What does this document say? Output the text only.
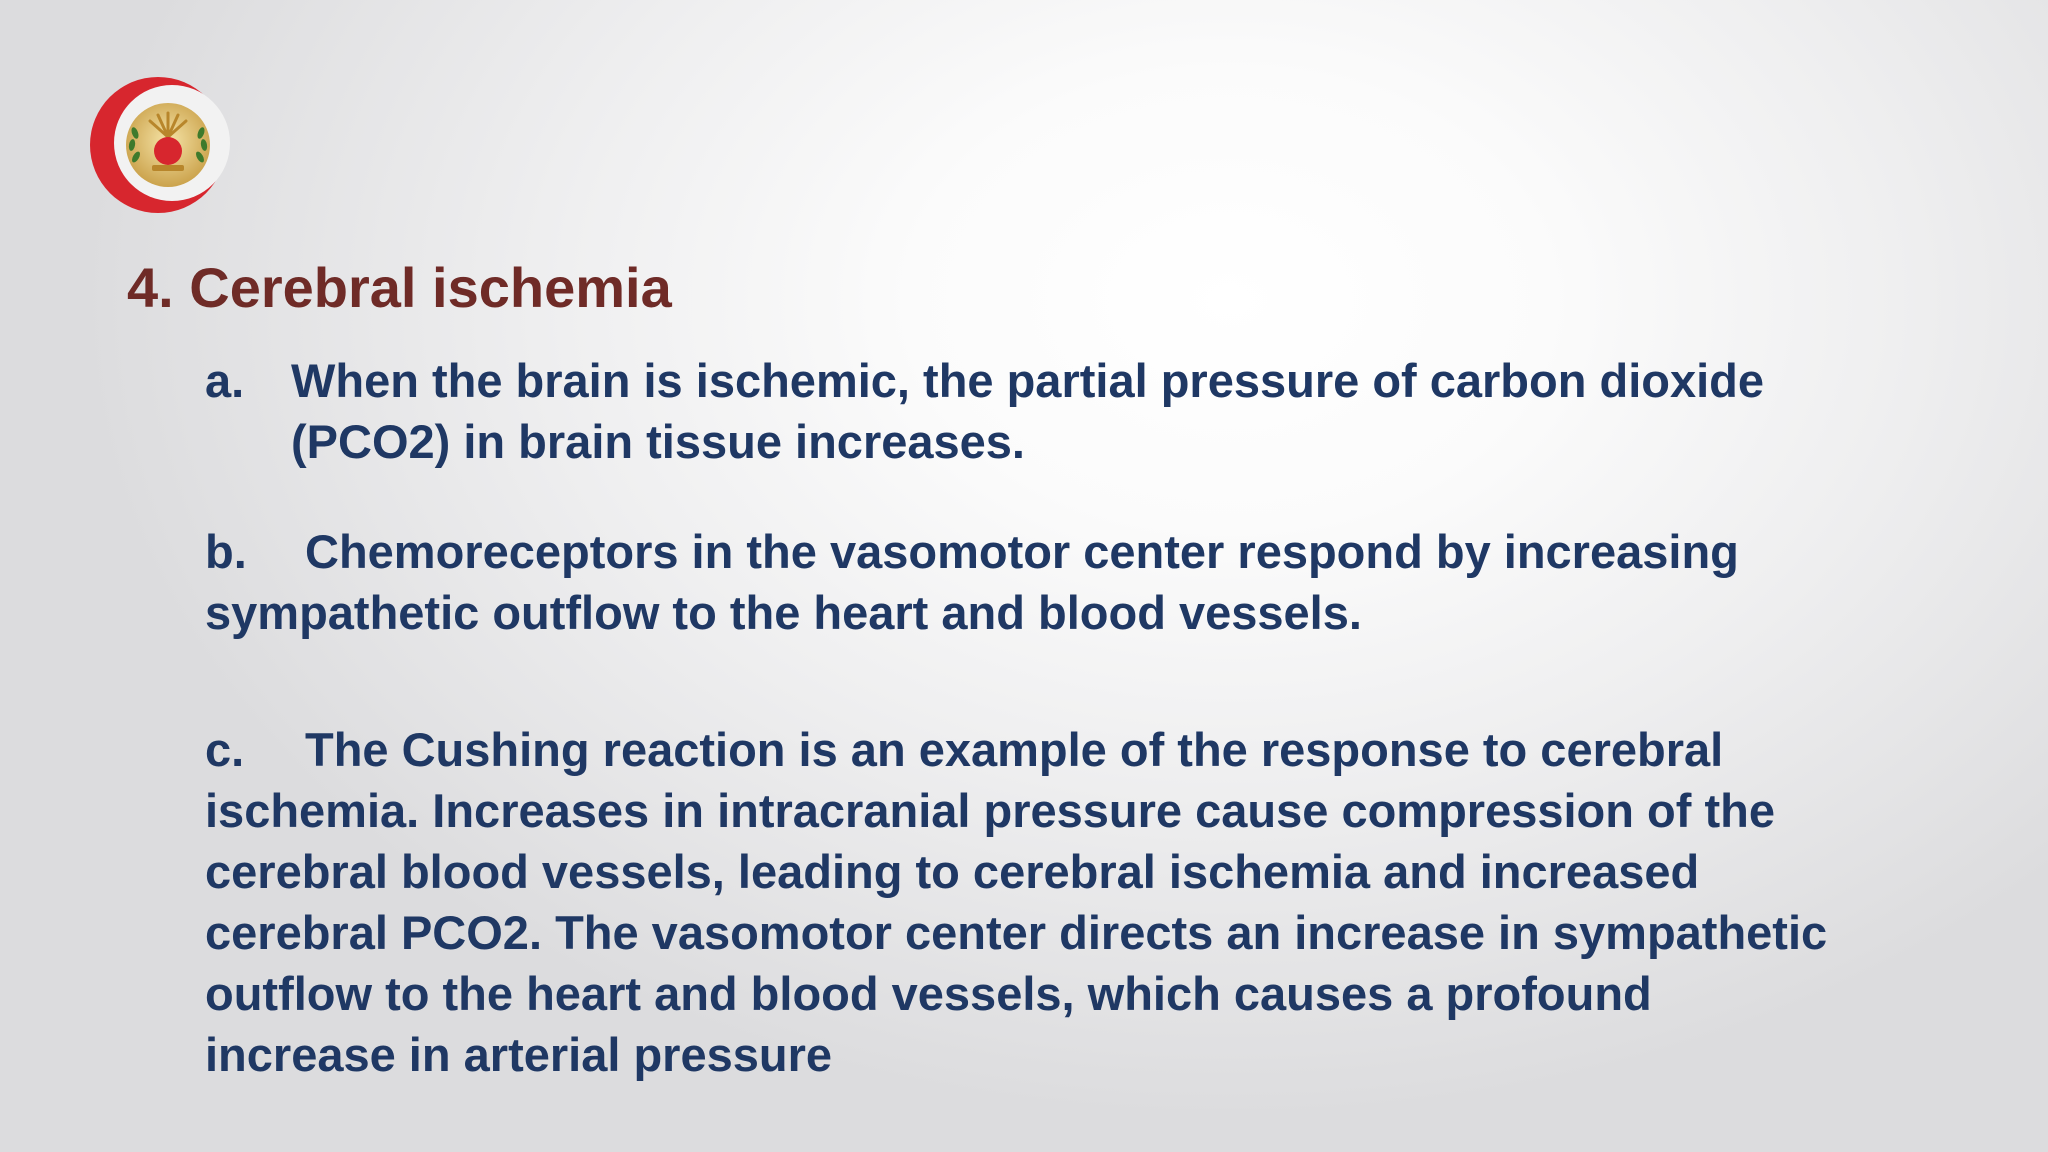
4. Cerebral ischemia
a. When the brain is ischemic, the partial pressure of carbon dioxide
(PCO2) in brain tissue increases.
b. Chemoreceptors in the vasomotor center respond by increasing
sympathetic outflow to the heart and blood vessels.
c. The Cushing reaction is an example of the response to cerebral
ischemia. Increases in intracranial pressure cause compression of the
cerebral blood vessels, leading to cerebral ischemia and increased
cerebral PCO2. The vasomotor center directs an increase in sympathetic
outflow to the heart and blood vessels, which causes a profound
increase in arterial pressure
